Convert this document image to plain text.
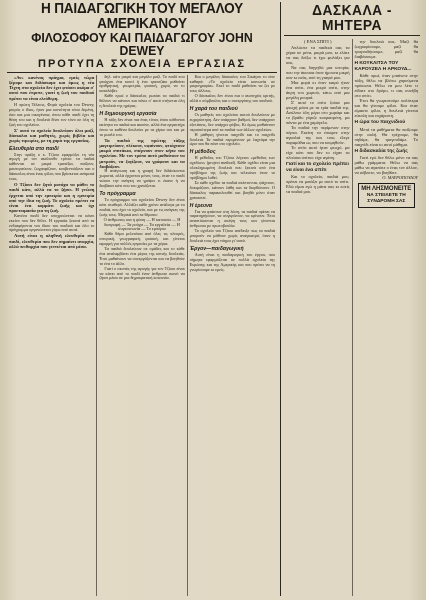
Η ΠΑΙΔΑΓΩΓΙΚΗ ΤΟΥ ΜΕΓΑΛΟΥ ΑΜΕΡΙΚΑΝΟΥ
ΦΙΛΟΣΟΦΟΥ ΚΑΙ ΠΑΙΔΑΓΩΓΟΥ JOHN DEWEY
ΠΡΟΤΥΠΑ ΣΧΟΛΕΙΑ ΕΡΓΑΣΙΑΣ

«Αν» κανένας πράγμα, εμείς τώρα ξέρομε και διδάσκομε και όμως η νέα Τέχνη στα σχολεία δεν έχει φτάσει ακόμα σ' αυτό που έπρεπε, γιατί η ζωή του παιδιού πρέπει να είναι ελεύθερη.

Η πρώτη Τέλεσις, Φορά σχολεία του Dewey, μικρός ο ίδιος, ήταν μια κοινότητα τόσο δεμένη, όσο και μια οικογένεια, όπου κάθε παιδί έχει τη θέση του και η δουλειά δίνει τον τόνο σε όλη τη ζωή του σχολείου.

Σ' αυτό το σχολείο δουλεύουν όλοι μαζί, δάσκαλοι και μαθητές, χωρίς βιβλία και χωρίς τιμωρίες, με τη χαρά της εργασίας.

Ελευθερία στο παιδί

Στην πράξη ο κ. Τζίουι εφαρμόζει τη νέα αγωγή με τον ακόλουθο τρόπο: τα παιδιά κάθονται σε μικρά τραπέζια, παίζουν, μαστορεύουν, ζωγραφίζουν, κουβεντιάζουν και ο δάσκαλος είναι ένας φίλος που βρίσκεται ανάμεσά τους.

Ο Τζίουι δεν ζητά μονάχα να μάθει το παιδί κάτι, αλλά να το ζήσει. Η γνώση έρχεται από την εμπειρία και η εμπειρία από την ίδια τη ζωή. Το σχολείο πρέπει να είναι ένα κομμάτι ζωής και όχι προετοιμασία για τη ζωή.

Κανένα παιδί δεν υποχρεώνεται να κάνει εκείνο που δεν θέλει. Η εργασία ξεκινά από τα ενδιαφέροντα του ίδιου του παιδιού και όλο το πρόγραμμα οργανώνεται γύρω από αυτά.

Αυτή είναι η αληθινή ελευθερία στο παιδί, ελευθερία που δεν σημαίνει αναρχία, αλλά πειθαρχία που γεννιέται από μέσα.

δηλ. κάτι μικρό και μεγάλο μαζί. Το παιδί που φτιάχνει ένα κουτί ή ένα τραπεζάκι μαθαίνει αριθμητική, γεωμετρία, φυσική, χωρίς να το καταλάβει.

Κάθε πρωί ο δάσκαλος ρωτάει τα παιδιά τι θέλουν να κάνουν και πάνω σ' αυτό στήνεται όλη η δουλειά της ημέρας.

Η δημιουργική εργασία

Η τάξη δεν είναι πια ένας τόπος όπου κάθονται ακίνητα τα παιδιά και ακούνε, αλλά ένα εργαστήρι όπου το καθένα δουλεύει με τα χέρια του και με το μυαλό του.

Τα παιδιά της πρώτης τάξης μαγειρεύουν, πλέκουν, υφαίνουν, φτιάχνουν μικρά σπιτάκια, σπέρνουν στον κήπο του σχολείου. Με τον τρόπο αυτό μαθαίνουν να μετρούν, να ζυγίζουν, να γράφουν και να διαβάζουν.

Η ανάγνωση και η γραφή δεν διδάσκονται χωριστά, αλλά έρχονται μόνες τους, όταν το παιδί νιώσει την ανάγκη να γράψει τι έκανε ή να διαβάσει κάτι που του χρειάζεται.

Το πρόγραμμα

Το πρόγραμμα του σχολείου Dewey δεν είναι κάτι σταθερό. Αλλάζει κάθε χρόνο ανάλογα με τα παιδιά, που έχει το σχολείο, και με τις ανάγκες της ζωής τους. Μερικά από τα θέματα:

Ο άνθρωπος και η φύση — Η κατοικία — Η διατροφή — Τα ρούχα — Τα εργαλεία — Η συγκοινωνία — Το εμπόριο

Κάθε θέμα μελετάται από όλες τις πλευρές, ιστορική, γεωγραφική, φυσική, και γίνεται αφορμή για πολλές εργασίες με τα χέρια.

Τα παιδιά δουλεύουν σε ομάδες και το κάθε ένα αναλαμβάνει ένα μέρος της κοινής δουλειάς. Έτσι μαθαίνουν να συνεργάζονται και να βοηθούν το ένα το άλλο.

Γιατί ο σκοπός της αγωγής για τον Τζίουι είναι να κάνει από το παιδί έναν άνθρωπο ικανό να ζήσει μέσα σε μια δημοκρατική κοινωνία.

Και ο μεγάλος δάσκαλος του Σικάγου το είπε καθαρά: «Το σχολείο είναι κοινωνία σε μικρογραφία». Εκεί το παιδί μαθαίνει να ζει με τους άλλους.

Ο δάσκαλος δεν είναι πια ο αυστηρός κριτής, αλλά ο σύμβουλος και ο συνεργάτης του παιδιού.

Η χαρά του παιδιού

Οι μαθητές του σχολείου αυτού δουλεύουν με ευχαρίστηση. Δεν υπάρχουν βαθμοί, δεν υπάρχουν εξετάσεις, δεν υπάρχει φόβος. Κι όμως μαθαίνουν περισσότερα από τα παιδιά των άλλων σχολείων.

Η μάθηση γίνεται παιχνίδι και το παιχνίδι δουλειά. Τα παιδιά περιμένουν με λαχτάρα την ώρα που θα πάνε στο σχολείο.

Η μέθοδος

Η μέθοδος του Τζίουι λέγεται «μέθοδος των σχεδίων» (project method). Κάθε σχέδιο είναι μια ολοκληρωμένη δουλειά που ξεκινά από ένα πρόβλημα της ζωής και τελειώνει όταν το πρόβλημα λυθεί.

Σε κάθε σχέδιο τα παιδιά σκέπτονται, ψάχνουν, δοκιμάζουν, κάνουν λάθη και τα διορθώνουν. Ο δάσκαλος παρακολουθεί και βοηθά μόνο όταν χρειαστεί.

Η έρευνα

Για να φτάσουν στη λύση, τα παιδιά πρέπει να παρατηρήσουν, να συγκρίνουν, να κρίνουν. Έτσι αναπτύσσεται η σκέψη τους και γίνονται άνθρωποι με πρωτοβουλία.

Το σχολείο του Τζίουι απέδειξε πως τα παιδιά μπορούν να μάθουν χωρίς αναγκασμό, όταν η δουλειά τους έχει νόημα γι' αυτά.

Έργον—παιδαγωγική

Αυτή είναι η παιδαγωγική του έργου, που σήμερα εφαρμόζεται σε πολλά σχολεία της Ευρώπης και της Αμερικής και που πρέπει να τη γνωρίσουμε κι εμείς.

ΔΑΣΚΑΛΑ - ΜΗΤΕΡΑ

( ΕΝΑ ΣΠΙΤΙ )

Απλώστε τα παιδικά σας τα χέρια σε μένα, μικρά μου, κι ελάτε να σας δείξω τι έχω φυλάξει για σας.

Να σας διηγηθώ μια ιστορία, που την άκουσα όταν ήμουνα μικρή σαν κι εσάς, από τη γιαγιά μου.

Μια φορά κι έναν καιρό ήταν ένα σπίτι, ένα μικρό σπίτι, στην άκρη του χωριού, κάτω από μια μεγάλη μουριά.

Σ' αυτό το σπίτι ζούσε μια φτωχή μάνα με τα τρία παιδιά της. Δούλευε όλη μέρα στο χωράφι και το βράδυ γύριζε κουρασμένη, μα πάντα με ένα χαμόγελο.

Τα παιδιά την περίμεναν στην πόρτα. Εκείνη τα έπαιρνε στην αγκαλιά της και τους έλεγε παραμύθια ως που να κοιμηθούν.

Το σπίτι αυτό ήταν φτωχό, μα είχε κάτι που δεν το είχαν τα πλούσια σπίτια: είχε αγάπη.

Γιατί και το σχολείο πρέπει να είναι ένα σπίτι

Και το σχολείο, παιδιά μου, πρέπει να μοιάζει με αυτό το σπίτι. Εδώ είμαι εγώ η μάνα σας κι εσείς τα παιδιά μου.

την δουλειά σας. Μαζί θα ζωγραφίσουμε, μαζί θα τραγουδήσουμε, μαζί θα διαβάσουμε.

Η ΚΟΥΚΛΙΤΣΑ ΤΟΥ ΚΑΡΟΥΖΕΛ Η ΑΡΚΟΥΔ...

Κάθε πρωί, όταν μπαίνετε στην τάξη, θέλω να βλέπω χαρούμενα πρόσωπα. Θέλω να μου λέτε τι είδατε στο δρόμο, τι σας συνέβη στο σπίτι.

Έτσι θα γνωριστούμε καλύτερα και θα γίνουμε φίλοι. Και όταν είμαστε φίλοι, η δουλειά γίνεται εύκολη και ευχάριστη.

Η ώρα του παιχνιδιού

Μετά τα μαθήματα θα παίζουμε στην αυλή. Θα τρέχουμε, θα πηδάμε, θα τραγουδάμε. Το παιχνίδι είναι κι αυτό μάθημα.

Η διδασκαλία της ζωής

Γιατί εγώ δεν θέλω μόνο να σας μάθω γράμματα. Θέλω να σας μάθω να αγαπάτε ο ένας τον άλλον, να σέβεστε, να βοηθάτε.

Ο. ΜΑΥΡΟΠΟΥΛΟΥ

ΜΗ ΛΗΣΜΟΝΕΙΤΕ
ΝΑ ΣΤΕΙΛΕΤΕ ΤΗ ΣΥΝΔΡΟΜΗ ΣΑΣ
